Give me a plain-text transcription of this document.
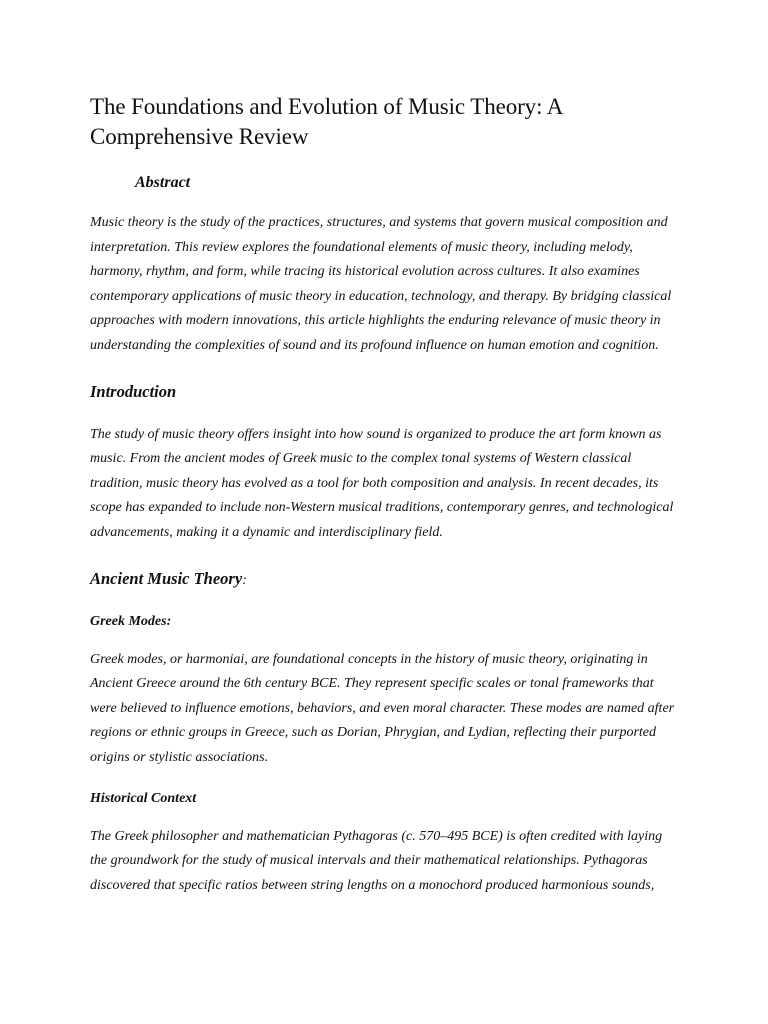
The Foundations and Evolution of Music Theory: A Comprehensive Review
Abstract

Music theory is the study of the practices, structures, and systems that govern musical composition and interpretation. This review explores the foundational elements of music theory, including melody, harmony, rhythm, and form, while tracing its historical evolution across cultures. It also examines contemporary applications of music theory in education, technology, and therapy. By bridging classical approaches with modern innovations, this article highlights the enduring relevance of music theory in understanding the complexities of sound and its profound influence on human emotion and cognition.

Introduction

The study of music theory offers insight into how sound is organized to produce the art form known as music. From the ancient modes of Greek music to the complex tonal systems of Western classical tradition, music theory has evolved as a tool for both composition and analysis. In recent decades, its scope has expanded to include non-Western musical traditions, contemporary genres, and technological advancements, making it a dynamic and interdisciplinary field.

Ancient Music Theory:
Greek Modes:

Greek modes, or harmoniai, are foundational concepts in the history of music theory, originating in Ancient Greece around the 6th century BCE. They represent specific scales or tonal frameworks that were believed to influence emotions, behaviors, and even moral character. These modes are named after regions or ethnic groups in Greece, such as Dorian, Phrygian, and Lydian, reflecting their purported origins or stylistic associations.

Historical Context

The Greek philosopher and mathematician Pythagoras (c. 570–495 BCE) is often credited with laying the groundwork for the study of musical intervals and their mathematical relationships. Pythagoras discovered that specific ratios between string lengths on a monochord produced harmonious sounds,
